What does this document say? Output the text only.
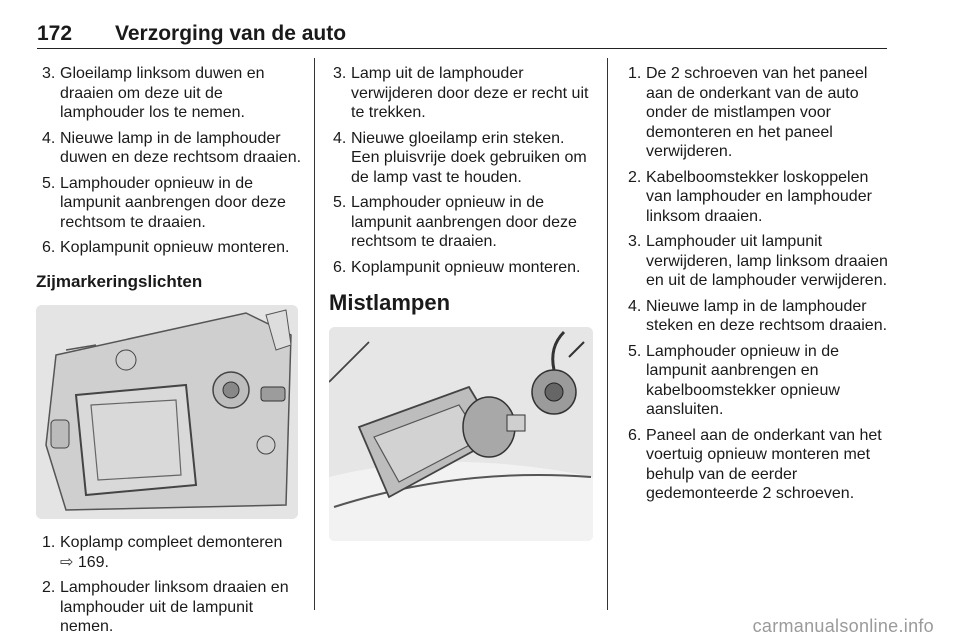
172 Verzorging van de auto
3. Gloeilamp linksom duwen en draaien om deze uit de lamphouder los te nemen.
4. Nieuwe lamp in de lamphouder duwen en deze rechtsom draaien.
5. Lamphouder opnieuw in de lampunit aanbrengen door deze rechtsom te draaien.
6. Koplampunit opnieuw monteren.
Zijmarkeringslichten
1. Koplamp compleet demonteren
⇨ 169.
2. Lamphouder linksom draaien en lamphouder uit de lampunit nemen.
3. Lamp uit de lamphouder verwijderen door deze er recht uit te trekken.
4. Nieuwe gloeilamp erin steken. Een pluisvrije doek gebruiken om de lamp vast te houden.
5. Lamphouder opnieuw in de lampunit aanbrengen door deze rechtsom te draaien.
6. Koplampunit opnieuw monteren.
Mistlampen
1. De 2 schroeven van het paneel aan de onderkant van de auto onder de mistlampen voor demonteren en het paneel verwijderen.
2. Kabelboomstekker loskoppelen van lamphouder en lamphouder linksom draaien.
3. Lamphouder uit lampunit verwijderen, lamp linksom draaien en uit de lamphouder verwijderen.
4. Nieuwe lamp in de lamphouder steken en deze rechtsom draaien.
5. Lamphouder opnieuw in de lampunit aanbrengen en kabelboomstekker opnieuw aansluiten.
6. Paneel aan de onderkant van het voertuig opnieuw monteren met behulp van de eerder gedemonteerde 2 schroeven.
carmanualsonline.info
